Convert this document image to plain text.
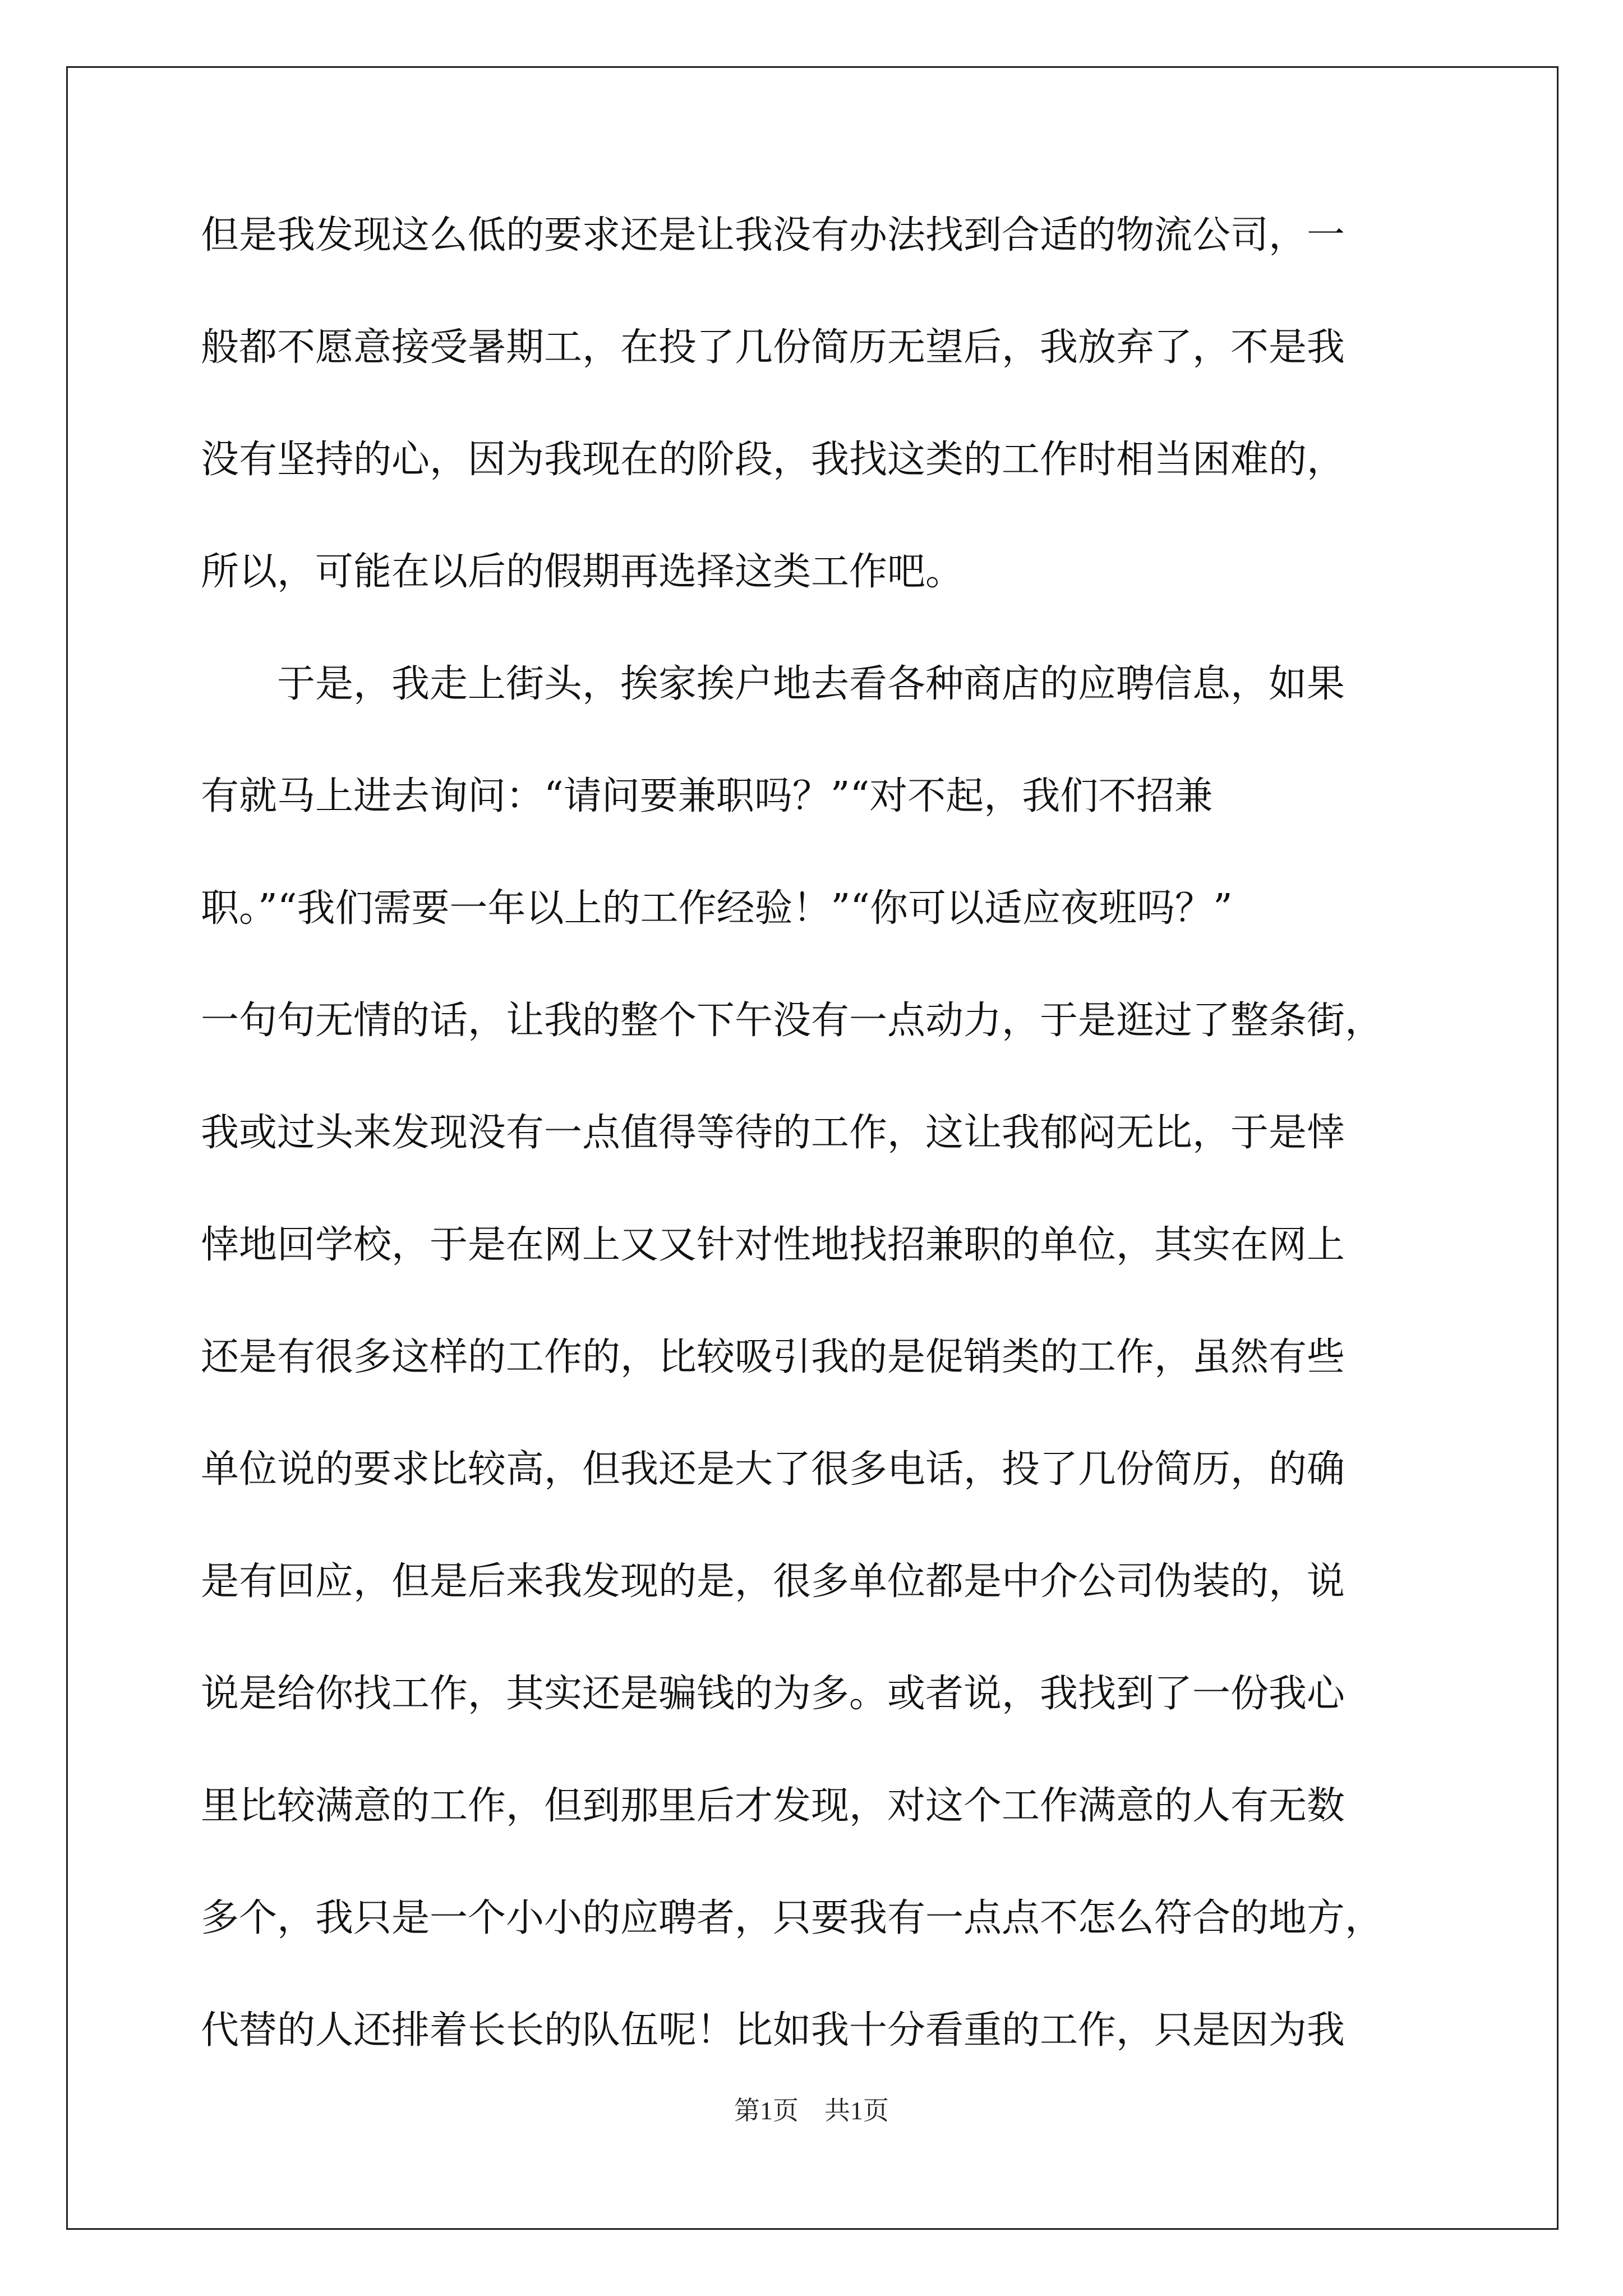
但是我发现这么低的要求还是让我没有办法找到合适的物流公司，一
般都不愿意接受暑期工，在投了几份简历无望后，我放弃了，不是我
没有坚持的心，因为我现在的阶段，我找这类的工作时相当困难的，
所以，可能在以后的假期再选择这类工作吧。
　　于是，我走上街头，挨家挨户地去看各种商店的应聘信息，如果
有就马上进去询问：“请问要兼职吗？”“对不起，我们不招兼
职。”“我们需要一年以上的工作经验！”“你可以适应夜班吗？”
一句句无情的话，让我的整个下午没有一点动力，于是逛过了整条街，
我或过头来发现没有一点值得等待的工作，这让我郁闷无比，于是悻
悻地回学校，于是在网上又又针对性地找招兼职的单位，其实在网上
还是有很多这样的工作的，比较吸引我的是促销类的工作，虽然有些
单位说的要求比较高，但我还是大了很多电话，投了几份简历，的确
是有回应，但是后来我发现的是，很多单位都是中介公司伪装的，说
说是给你找工作，其实还是骗钱的为多。或者说，我找到了一份我心
里比较满意的工作，但到那里后才发现，对这个工作满意的人有无数
多个，我只是一个小小的应聘者，只要我有一点点不怎么符合的地方，
代替的人还排着长长的队伍呢！比如我十分看重的工作，只是因为我
第1页　共1页
